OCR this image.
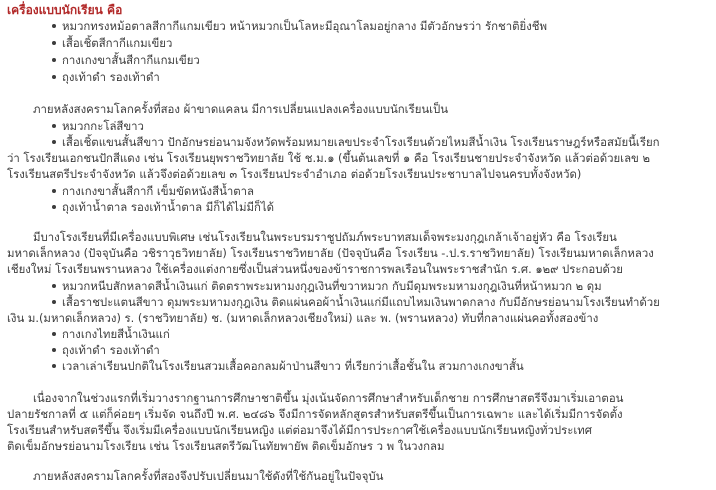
เครื่องแบบนักเรียน คือ
หมวกทรงหม้อตาลสีกากีแกมเขียว หน้าหมวกเป็นโลหะมีอุณาโลมอยู่กลาง มีตัวอักษรว่า รักชาติยิ่งชีพ
เสื้อเชิ้ตสีกากีแกมเขียว
กางเกงขาสั้นสีกากีแกมเขียว
ถุงเท้าดำ รองเท้าดำ
ภายหลังสงครามโลกครั้งที่สอง ผ้าขาดแคลน มีการเปลี่ยนแปลงเครื่องแบบนักเรียนเป็น
หมวกกะโล่สีขาว
เสื้อเชิ้ตแขนสั้นสีขาว ปักอักษรย่อนามจังหวัดพร้อมหมายเลขประจำโรงเรียนด้วยไหมสีน้ำเงิน โรงเรียนราษฎร์หรือสมัยนี้เรียก
ว่า โรงเรียนเอกชนปักสีแดง เช่น โรงเรียนยุพราชวิทยาลัย ใช้ ช.ม.๑ (ขึ้นต้นเลขที่ ๑ คือ โรงเรียนชายประจำจังหวัด แล้วต่อด้วยเลข ๒
โรงเรียนสตรีประจำจังหวัด แล้วจึงต่อด้วยเลข ๓ โรงเรียนประจำอำเภอ ต่อด้วยโรงเรียนประชาบาลไปจนครบทั้งจังหวัด)
กางเกงขาสั้นสีกากี เข็มขัดหนังสีน้ำตาล
ถุงเท้าน้ำตาล รองเท้าน้ำตาล มีก็ได้ไม่มีก็ได้
มีบางโรงเรียนที่มีเครื่องแบบพิเศษ เช่นโรงเรียนในพระบรมราชูปถัมภ์พระบาทสมเด็จพระมงกุฎเกล้าเจ้าอยู่หัว คือ โรงเรียน
มหาดเล็กหลวง (ปัจจุบันคือ วชิราวุธวิทยาลัย) โรงเรียนราชวิทยาลัย (ปัจจุบันคือ โรงเรียน -.ป.ร.ราชวิทยาลัย) โรงเรียนมหาดเล็กหลวง
เชียงใหม่ โรงเรียนพรานหลวง ใช้เครื่องแต่งกายซึ่งเป็นส่วนหนึ่งของข้าราชการพลเรือนในพระราชสำนัก ร.ศ. ๑๒๙ ประกอบด้วย
หมวกหนีบสักหลาดสีน้ำเงินแก่ ติดตราพระมหามงกุฎเงินที่ขวาหมวก กับมีดุมพระมหามงกุฎเงินที่หน้าหมวก ๒ ดุม
เสื้อราชปะแตนสีขาว ดุมพระมหามงกุฎเงิน ติดแผ่นคอผ้าน้ำเงินแก่มีแถบไหมเงินพาดกลาง กับมีอักษรย่อนามโรงเรียนทำด้วย
เงิน ม.(มหาดเล็กหลวง) ร. (ราชวิทยาลัย) ช. (มหาดเล็กหลวงเชียงใหม่) และ พ. (พรานหลวง) ทับที่กลางแผ่นคอทั้งสองข้าง
กางเกงไทยสีน้ำเงินแก่
ถุงเท้าดำ รองเท้าดำ
เวลาเล่าเรียนปกติในโรงเรียนสวมเสื้อคอกลมผ้าป่านสีขาว ที่เรียกว่าเสื้อชั้นใน สวมกางเกงขาสั้น
เนื่องจากในช่วงแรกที่เริ่มวางรากฐานการศึกษาชาติขึ้น มุ่งเน้นจัดการศึกษาสำหรับเด็กชาย การศึกษาสตรีจึงมาเริ่มเอาตอน
ปลายรัชกาลที่ ๕ แต่ก็ค่อยๆ เริ่มจัด จนถึงปี พ.ศ. ๒๔๘๖ จึงมีการจัดหลักสูตรสำหรับสตรีขึ้นเป็นการเฉพาะ และได้เริ่มมีการจัดตั้ง
โรงเรียนสำหรับสตรีขึ้น จึงเริ่มมีเครื่องแบบนักเรียนหญิง แต่ต่อมาจึงได้มีการประกาศใช้เครื่องแบบนักเรียนหญิงทั่วประเทศ
ติดเข็มอักษรย่อนามโรงเรียน เช่น โรงเรียนสตรีวัฒโนทัยพายัพ ติดเข็มอักษร ว พ ในวงกลม
ภายหลังสงครามโลกครั้งที่สองจึงปรับเปลี่ยนมาใช้ดังที่ใช้กันอยู่ในปัจจุบัน
